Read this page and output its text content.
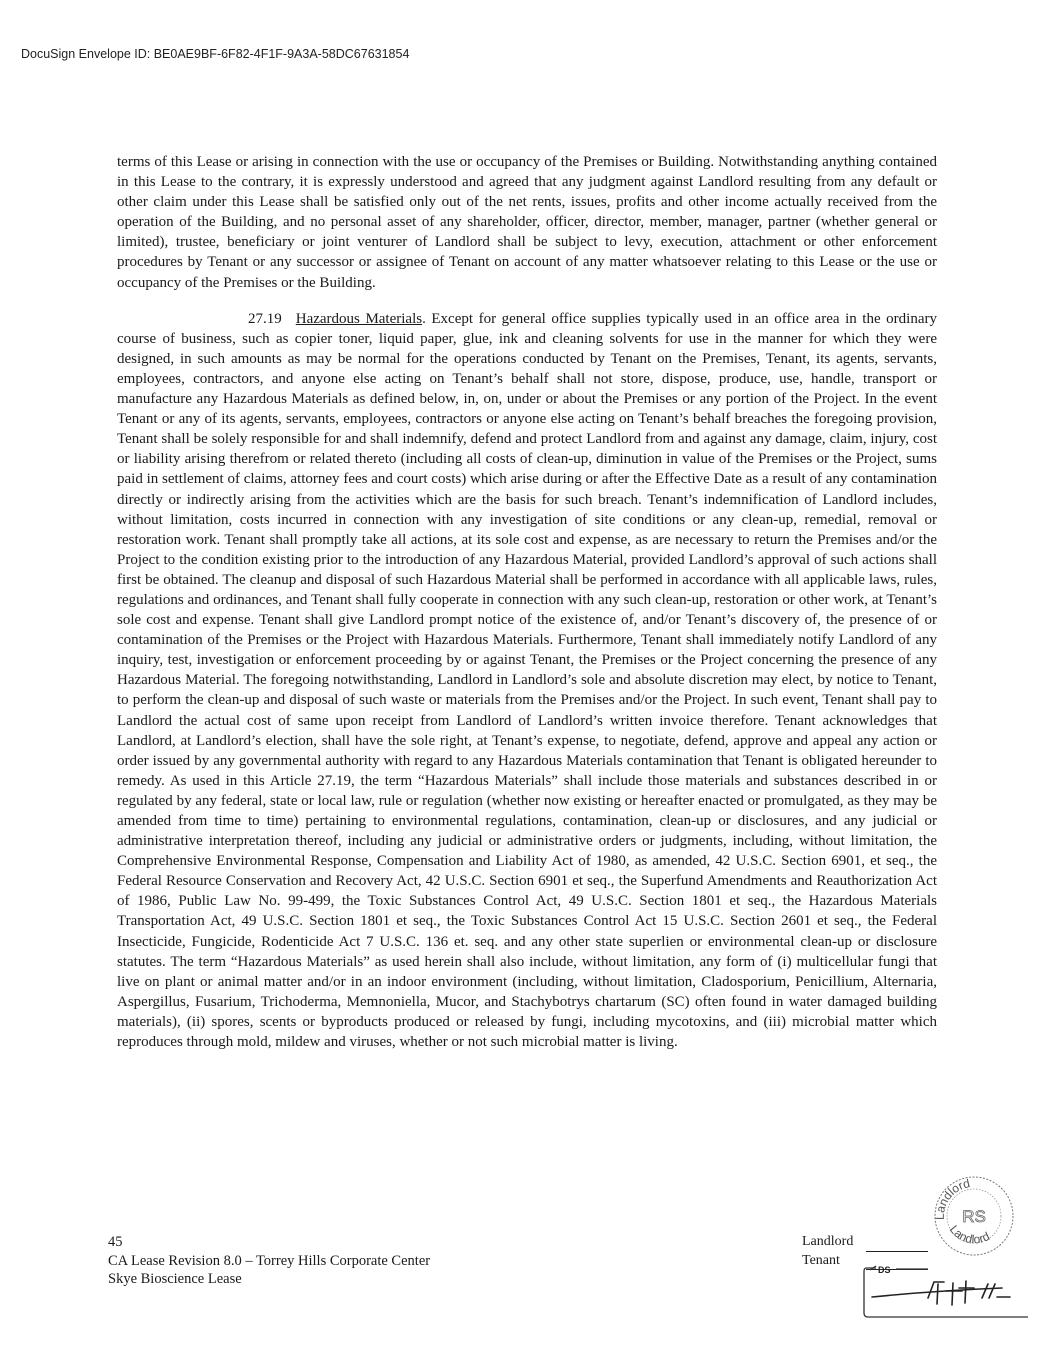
DocuSign Envelope ID: BE0AE9BF-6F82-4F1F-9A3A-58DC67631854

terms of this Lease or arising in connection with the use or occupancy of the Premises or Building. Notwithstanding anything contained in this Lease to the contrary, it is expressly understood and agreed that any judgment against Landlord resulting from any default or other claim under this Lease shall be satisfied only out of the net rents, issues, profits and other income actually received from the operation of the Building, and no personal asset of any shareholder, officer, director, member, manager, partner (whether general or limited), trustee, beneficiary or joint venturer of Landlord shall be subject to levy, execution, attachment or other enforcement procedures by Tenant or any successor or assignee of Tenant on account of any matter whatsoever relating to this Lease or the use or occupancy of the Premises or the Building.

27.19 Hazardous Materials. Except for general office supplies typically used in an office area in the ordinary course of business, such as copier toner, liquid paper, glue, ink and cleaning solvents for use in the manner for which they were designed, in such amounts as may be normal for the operations conducted by Tenant on the Premises, Tenant, its agents, servants, employees, contractors, and anyone else acting on Tenant’s behalf shall not store, dispose, produce, use, handle, transport or manufacture any Hazardous Materials as defined below, in, on, under or about the Premises or any portion of the Project. In the event Tenant or any of its agents, servants, employees, contractors or anyone else acting on Tenant’s behalf breaches the foregoing provision, Tenant shall be solely responsible for and shall indemnify, defend and protect Landlord from and against any damage, claim, injury, cost or liability arising therefrom or related thereto (including all costs of clean-up, diminution in value of the Premises or the Project, sums paid in settlement of claims, attorney fees and court costs) which arise during or after the Effective Date as a result of any contamination directly or indirectly arising from the activities which are the basis for such breach. Tenant’s indemnification of Landlord includes, without limitation, costs incurred in connection with any investigation of site conditions or any clean-up, remedial, removal or restoration work. Tenant shall promptly take all actions, at its sole cost and expense, as are necessary to return the Premises and/or the Project to the condition existing prior to the introduction of any Hazardous Material, provided Landlord’s approval of such actions shall first be obtained. The cleanup and disposal of such Hazardous Material shall be performed in accordance with all applicable laws, rules, regulations and ordinances, and Tenant shall fully cooperate in connection with any such clean-up, restoration or other work, at Tenant’s sole cost and expense. Tenant shall give Landlord prompt notice of the existence of, and/or Tenant’s discovery of, the presence of or contamination of the Premises or the Project with Hazardous Materials. Furthermore, Tenant shall immediately notify Landlord of any inquiry, test, investigation or enforcement proceeding by or against Tenant, the Premises or the Project concerning the presence of any Hazardous Material. The foregoing notwithstanding, Landlord in Landlord’s sole and absolute discretion may elect, by notice to Tenant, to perform the clean-up and disposal of such waste or materials from the Premises and/or the Project. In such event, Tenant shall pay to Landlord the actual cost of same upon receipt from Landlord of Landlord’s written invoice therefore. Tenant acknowledges that Landlord, at Landlord’s election, shall have the sole right, at Tenant’s expense, to negotiate, defend, approve and appeal any action or order issued by any governmental authority with regard to any Hazardous Materials contamination that Tenant is obligated hereunder to remedy. As used in this Article 27.19, the term “Hazardous Materials” shall include those materials and substances described in or regulated by any federal, state or local law, rule or regulation (whether now existing or hereafter enacted or promulgated, as they may be amended from time to time) pertaining to environmental regulations, contamination, clean-up or disclosures, and any judicial or administrative interpretation thereof, including any judicial or administrative orders or judgments, including, without limitation, the Comprehensive Environmental Response, Compensation and Liability Act of 1980, as amended, 42 U.S.C. Section 6901, et seq., the Federal Resource Conservation and Recovery Act, 42 U.S.C. Section 6901 et seq., the Superfund Amendments and Reauthorization Act of 1986, Public Law No. 99-499, the Toxic Substances Control Act, 49 U.S.C. Section 1801 et seq., the Hazardous Materials Transportation Act, 49 U.S.C. Section 1801 et seq., the Toxic Substances Control Act 15 U.S.C. Section 2601 et seq., the Federal Insecticide, Fungicide, Rodenticide Act 7 U.S.C. 136 et. seq. and any other state superlien or environmental clean-up or disclosure statutes. The term “Hazardous Materials” as used herein shall also include, without limitation, any form of (i) multicellular fungi that live on plant or animal matter and/or in an indoor environment (including, without limitation, Cladosporium, Penicillium, Alternaria, Aspergillus, Fusarium, Trichoderma, Memnoniella, Mucor, and Stachybotrys chartarum (SC) often found in water damaged building materials), (ii) spores, scents or byproducts produced or released by fungi, including mycotoxins, and (iii) microbial matter which reproduces through mold, mildew and viruses, whether or not such microbial matter is living.

45
CA Lease Revision 8.0 – Torrey Hills Corporate Center
Skye Bioscience Lease
Landlord
Tenant
Landlord
RS
Landlord
DS
